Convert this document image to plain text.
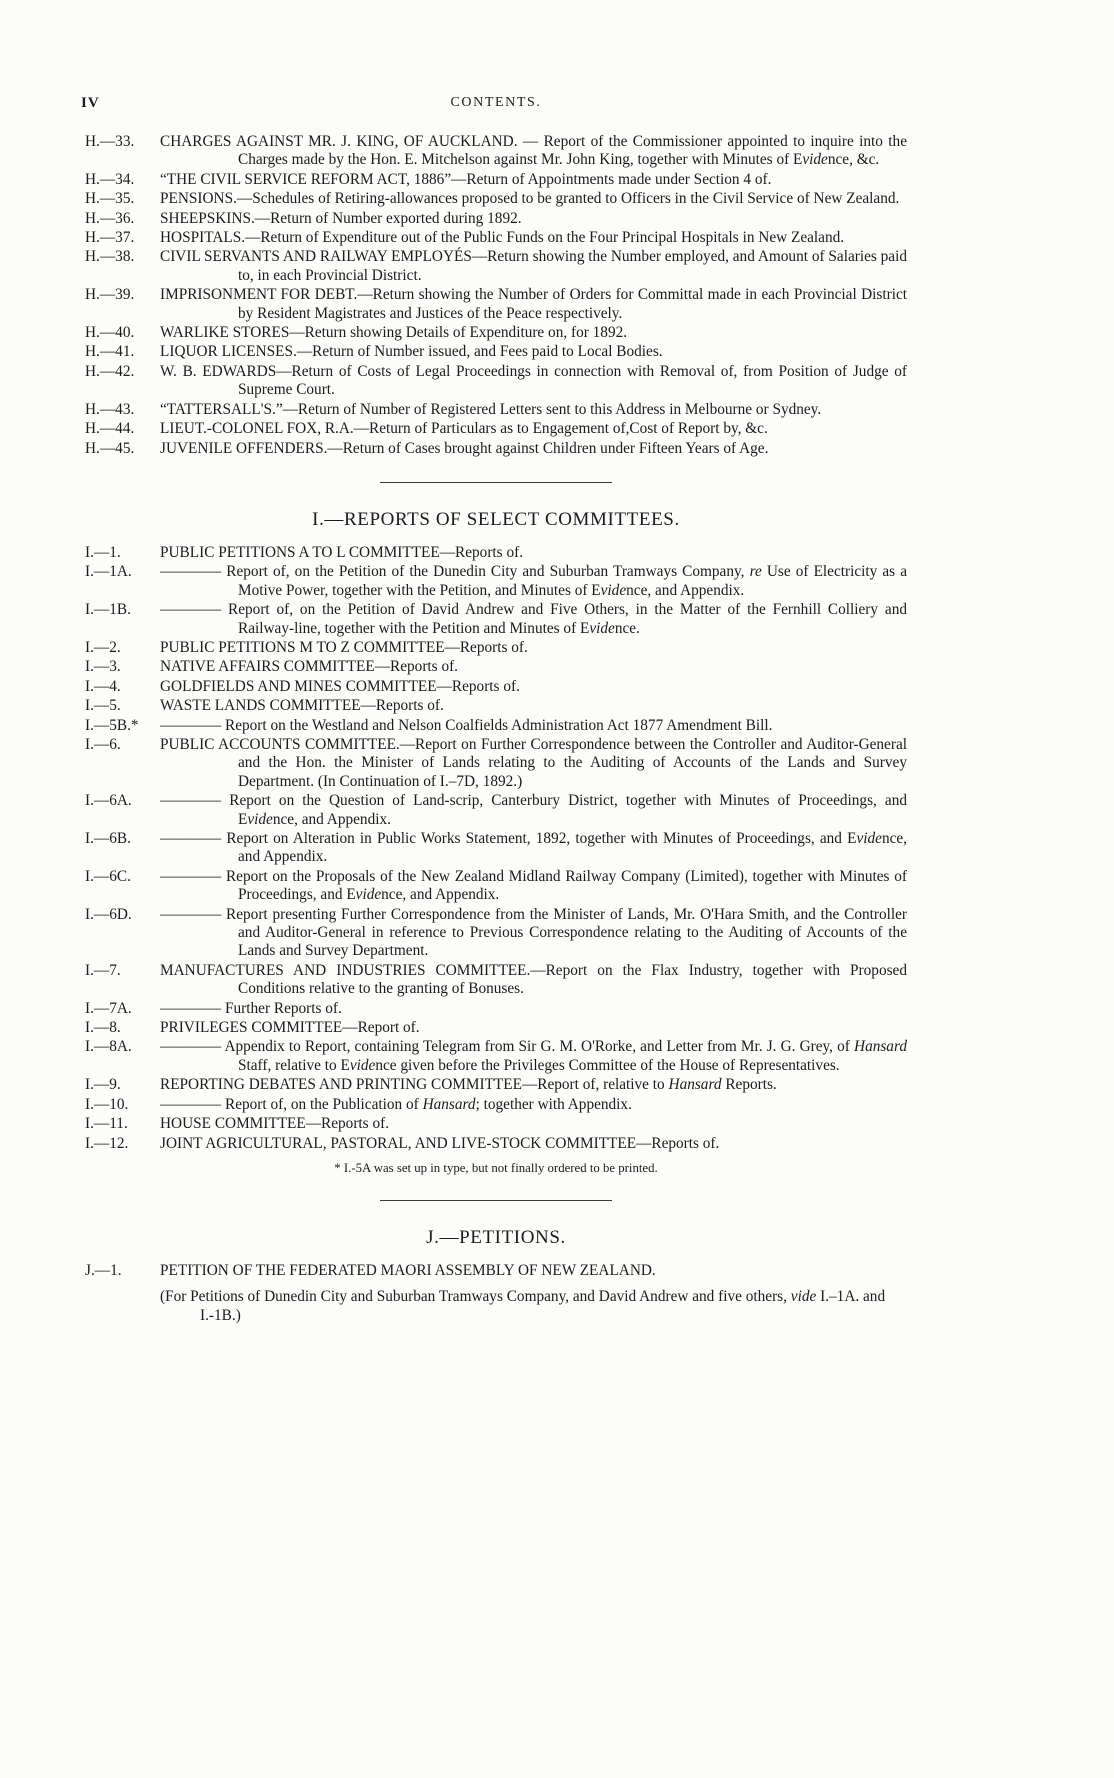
IV	CONTENTS.
H.—33.	CHARGES AGAINST MR. J. KING, OF AUCKLAND. — Report of the Commissioner appointed to inquire into the Charges made by the Hon. E. Mitchelson against Mr. John King, together with Minutes of Evidence, &c.
H.—34.	“THE CIVIL SERVICE REFORM ACT, 1886”—Return of Appointments made under Section 4 of.
H.—35.	PENSIONS.—Schedules of Retiring-allowances proposed to be granted to Officers in the Civil Service of New Zealand.
H.—36.	SHEEPSKINS.—Return of Number exported during 1892.
H.—37.	HOSPITALS.—Return of Expenditure out of the Public Funds on the Four Principal Hospitals in New Zealand.
H.—38.	CIVIL SERVANTS AND RAILWAY EMPLOYÉS—Return showing the Number employed, and Amount of Salaries paid to, in each Provincial District.
H.—39.	IMPRISONMENT FOR DEBT.—Return showing the Number of Orders for Committal made in each Provincial District by Resident Magistrates and Justices of the Peace respectively.
H.—40.	WARLIKE STORES—Return showing Details of Expenditure on, for 1892.
H.—41.	LIQUOR LICENSES.—Return of Number issued, and Fees paid to Local Bodies.
H.—42.	W. B. EDWARDS—Return of Costs of Legal Proceedings in connection with Removal of, from Position of Judge of Supreme Court.
H.—43.	“TATTERSALL'S.”—Return of Number of Registered Letters sent to this Address in Melbourne or Sydney.
H.—44.	LIEUT.-COLONEL FOX, R.A.—Return of Particulars as to Engagement of,Cost of Report by, &c.
H.—45.	JUVENILE OFFENDERS.—Return of Cases brought against Children under Fifteen Years of Age.
I.—REPORTS OF SELECT COMMITTEES.
I.—1.	PUBLIC PETITIONS A TO L COMMITTEE—Reports of.
I.—1A.	———— Report of, on the Petition of the Dunedin City and Suburban Tramways Company, re Use of Electricity as a Motive Power, together with the Petition, and Minutes of Evidence, and Appendix.
I.—1B.	———— Report of, on the Petition of David Andrew and Five Others, in the Matter of the Fernhill Colliery and Railway-line, together with the Petition and Minutes of Evidence.
I.—2.	PUBLIC PETITIONS M TO Z COMMITTEE—Reports of.
I.—3.	NATIVE AFFAIRS COMMITTEE—Reports of.
I.—4.	GOLDFIELDS AND MINES COMMITTEE—Reports of.
I.—5.	WASTE LANDS COMMITTEE—Reports of.
I.—5B.*	———— Report on the Westland and Nelson Coalfields Administration Act 1877 Amendment Bill.
I.—6.	PUBLIC ACCOUNTS COMMITTEE.—Report on Further Correspondence between the Controller and Auditor-General and the Hon. the Minister of Lands relating to the Auditing of Accounts of the Lands and Survey Department. (In Continuation of I.–7D, 1892.)
I.—6A.	———— Report on the Question of Land-scrip, Canterbury District, together with Minutes of Proceedings, and Evidence, and Appendix.
I.—6B.	———— Report on Alteration in Public Works Statement, 1892, together with Minutes of Proceedings, and Evidence, and Appendix.
I.—6C.	———— Report on the Proposals of the New Zealand Midland Railway Company (Limited), together with Minutes of Proceedings, and Evidence, and Appendix.
I.—6D.	———— Report presenting Further Correspondence from the Minister of Lands, Mr. O'Hara Smith, and the Controller and Auditor-General in reference to Previous Correspondence relating to the Auditing of Accounts of the Lands and Survey Department.
I.—7.	MANUFACTURES AND INDUSTRIES COMMITTEE.—Report on the Flax Industry, together with Proposed Conditions relative to the granting of Bonuses.
I.—7A.	———— Further Reports of.
I.—8.	PRIVILEGES COMMITTEE—Report of.
I.—8A.	———— Appendix to Report, containing Telegram from Sir G. M. O'Rorke, and Letter from Mr. J. G. Grey, of Hansard Staff, relative to Evidence given before the Privileges Committee of the House of Representatives.
I.—9.	REPORTING DEBATES AND PRINTING COMMITTEE—Report of, relative to Hansard Reports.
I.—10.	———— Report of, on the Publication of Hansard; together with Appendix.
I.—11.	HOUSE COMMITTEE—Reports of.
I.—12.	JOINT AGRICULTURAL, PASTORAL, AND LIVE-STOCK COMMITTEE—Reports of.
* I.-5A was set up in type, but not finally ordered to be printed.
J.—PETITIONS.
J.—1.	PETITION OF THE FEDERATED MAORI ASSEMBLY OF NEW ZEALAND.
(For Petitions of Dunedin City and Suburban Tramways Company, and David Andrew and five others, vide I.–1A. and I.-1B.)
